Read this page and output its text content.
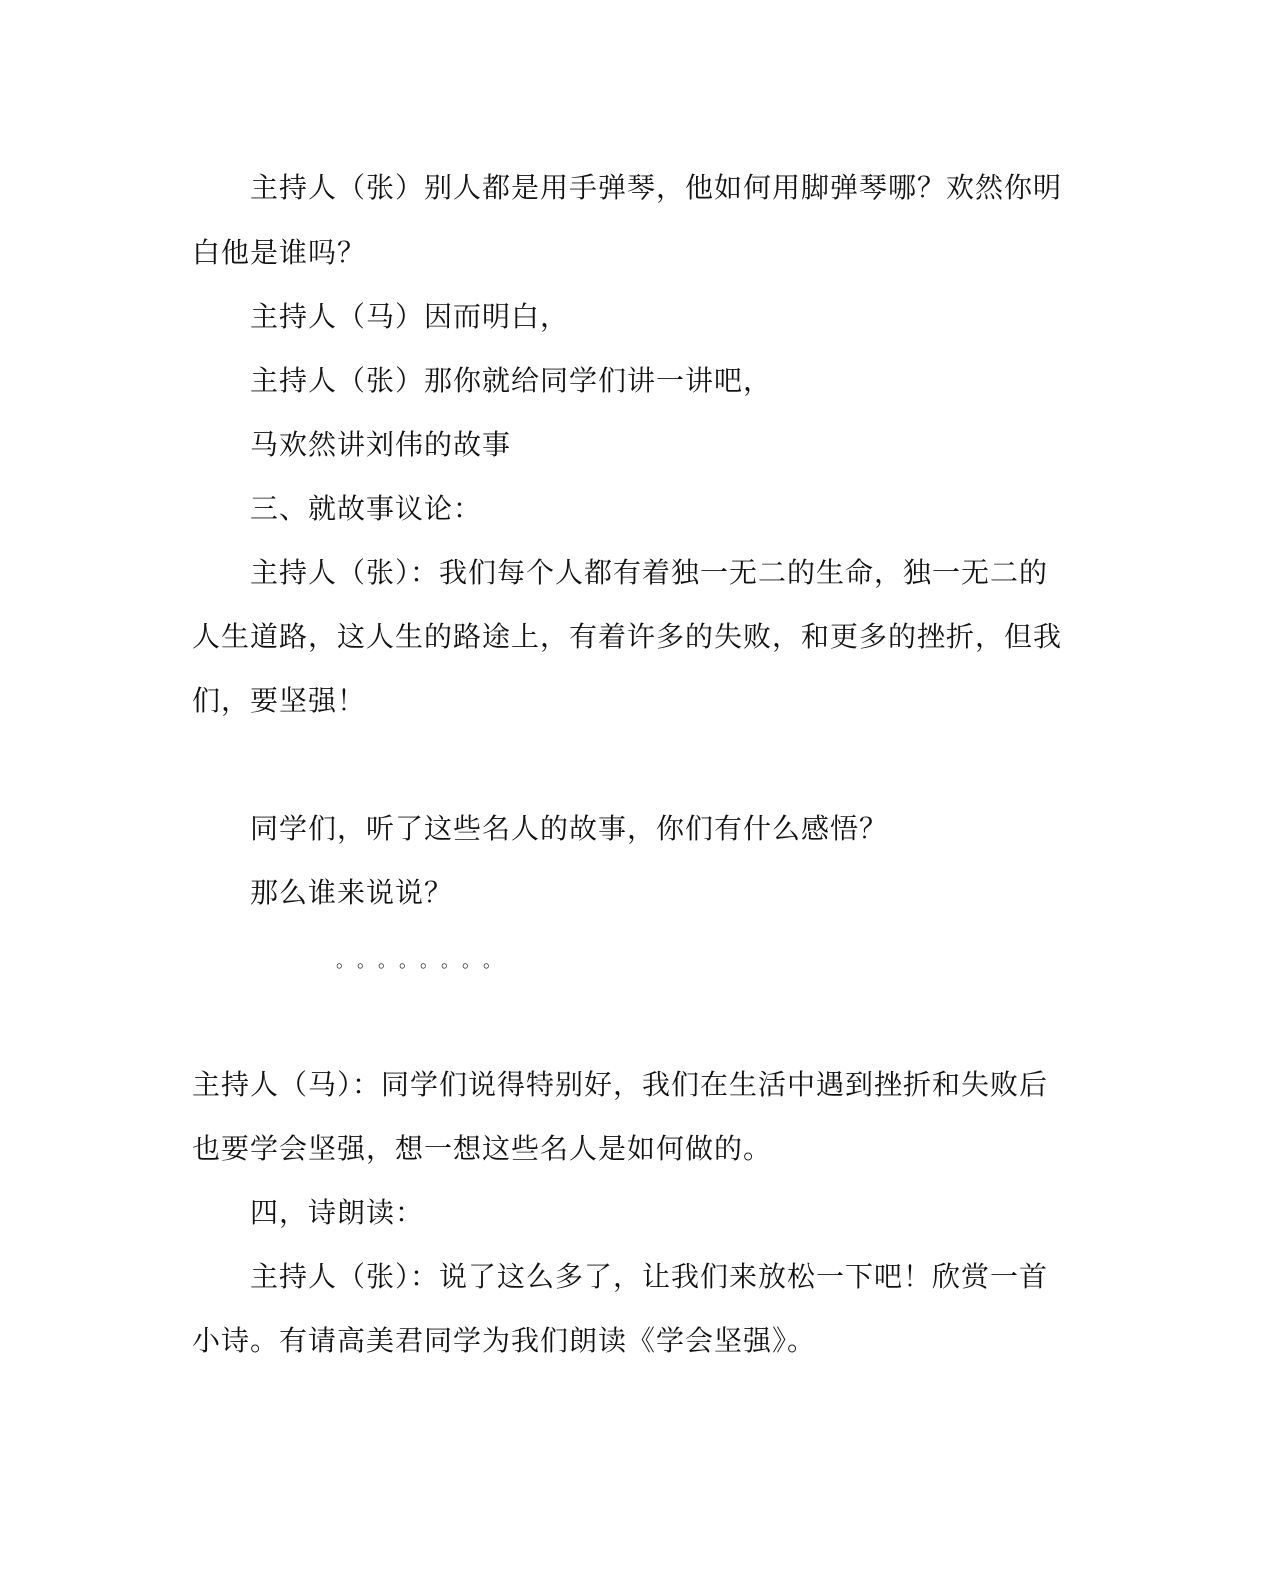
主持人（张）别人都是用手弹琴，他如何用脚弹琴哪？欢然你明
白他是谁吗？
主持人（马）因而明白，
主持人（张）那你就给同学们讲一讲吧，
马欢然讲刘伟的故事
三、就故事议论：
主持人（张）：我们每个人都有着独一无二的生命，独一无二的
人生道路，这人生的路途上，有着许多的失败，和更多的挫折，但我
们，要坚强！
同学们，听了这些名人的故事，你们有什么感悟？
那么谁来说说？
。。。。。。。。
主持人（马）：同学们说得特别好，我们在生活中遇到挫折和失败后
也要学会坚强，想一想这些名人是如何做的。
四，诗朗读：
主持人（张）：说了这么多了，让我们来放松一下吧！欣赏一首
小诗。有请高美君同学为我们朗读《学会坚强》。
